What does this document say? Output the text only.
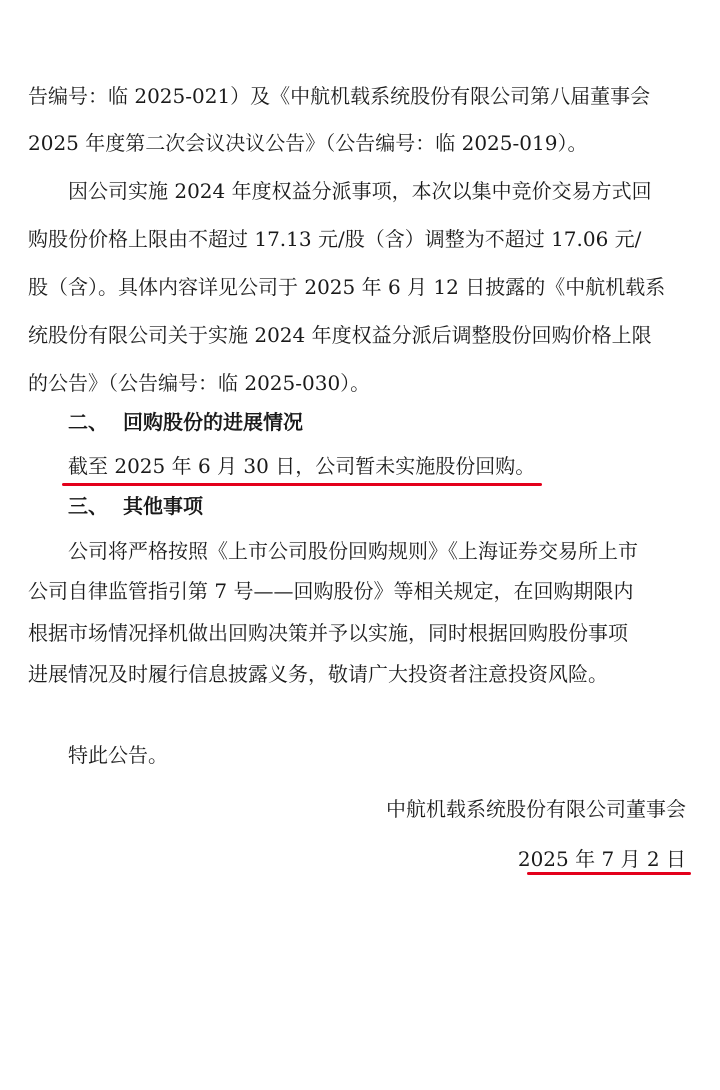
告编号：临 2025-021）及《中航机载系统股份有限公司第八届董事会
2025 年度第二次会议决议公告》（公告编号：临 2025-019）。
因公司实施 2024 年度权益分派事项，本次以集中竞价交易方式回
购股份价格上限由不超过 17.13 元/股（含）调整为不超过 17.06 元/
股（含）。具体内容详见公司于 2025 年 6 月 12 日披露的《中航机载系
统股份有限公司关于实施 2024 年度权益分派后调整股份回购价格上限
的公告》（公告编号：临 2025-030）。
二、 回购股份的进展情况
截至 2025 年 6 月 30 日，公司暂未实施股份回购。
三、 其他事项
公司将严格按照《上市公司股份回购规则》《上海证券交易所上市
公司自律监管指引第 7 号——回购股份》等相关规定，在回购期限内
根据市场情况择机做出回购决策并予以实施，同时根据回购股份事项
进展情况及时履行信息披露义务，敬请广大投资者注意投资风险。
特此公告。
中航机载系统股份有限公司董事会
2025 年 7 月 2 日
